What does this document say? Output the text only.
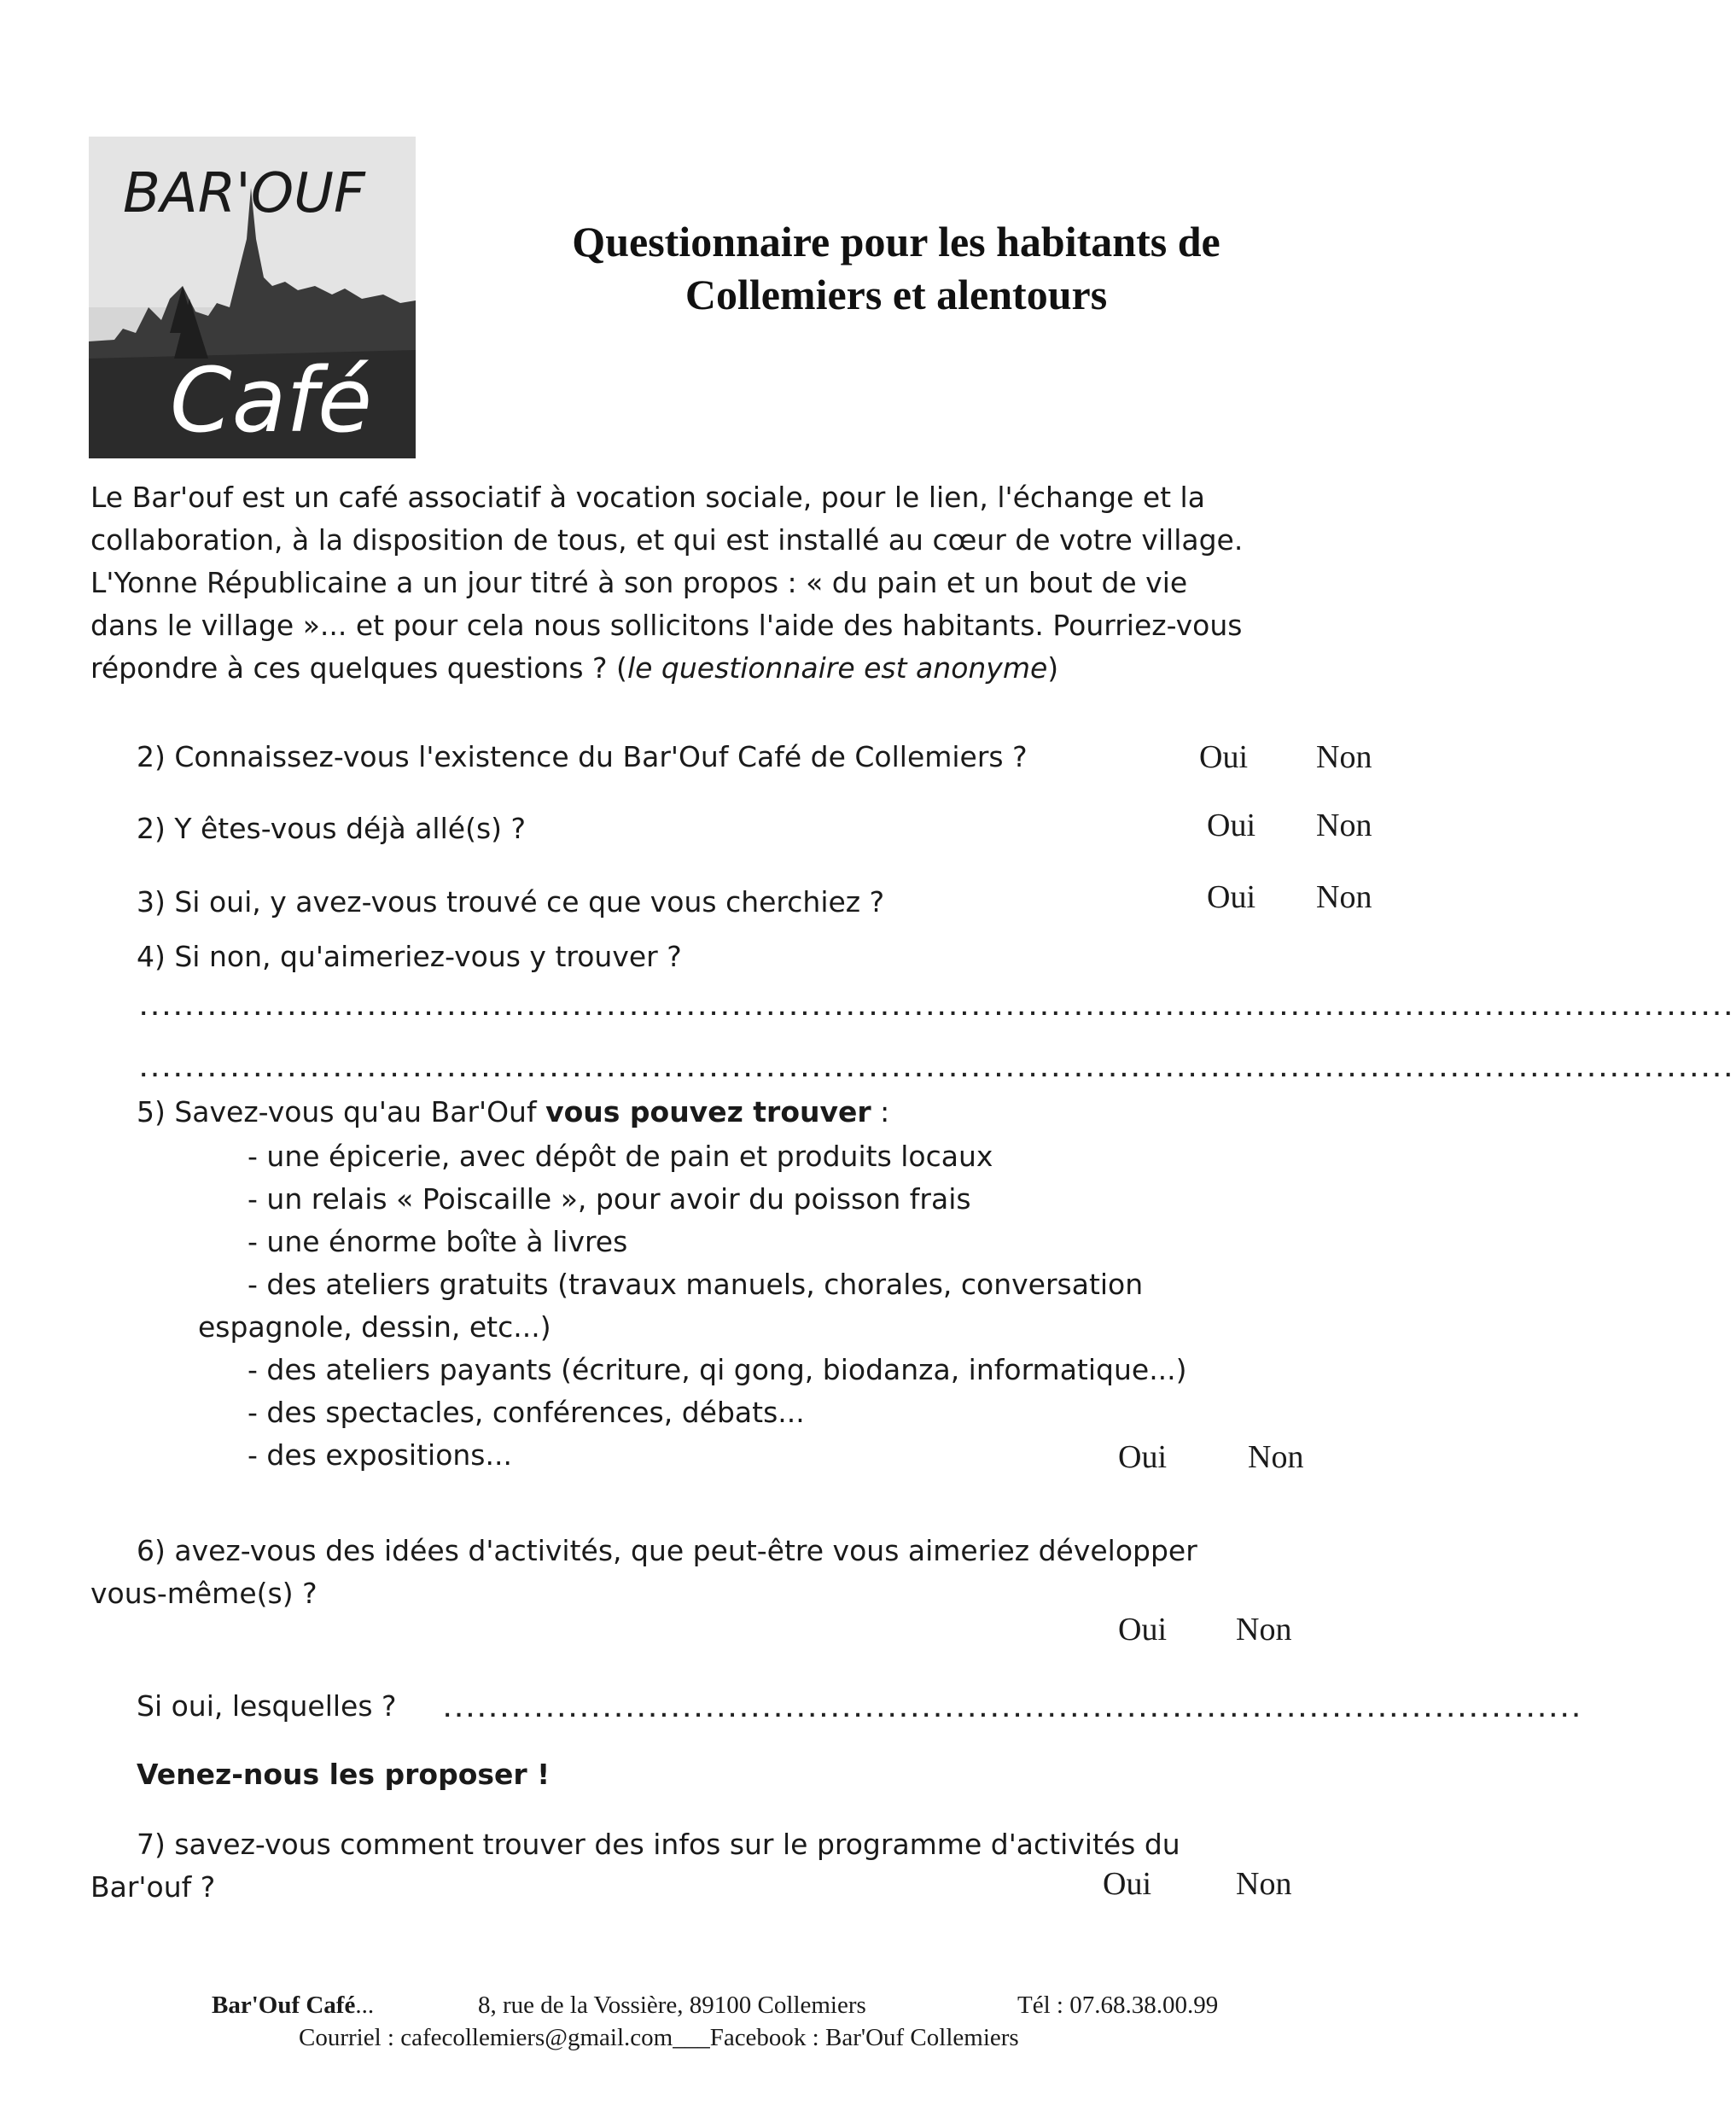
BAR'OUF
Café
Questionnaire pour les habitants de
Collemiers et alentours
Le Bar'ouf est un café associatif à vocation sociale, pour le lien, l'échange et la
collaboration, à la disposition de tous, et qui est installé au cœur de votre village.
L'Yonne Républicaine a un jour titré à son propos : « du pain et un bout de vie
dans le village »... et pour cela nous sollicitons l'aide des habitants. Pourriez-vous
répondre à ces quelques questions ? (le questionnaire est anonyme)
2) Connaissez-vous l'existence du Bar'Ouf Café de Collemiers ?	Oui Non
2) Y êtes-vous déjà allé(s) ?	Oui Non
3) Si oui, y avez-vous trouvé ce que vous cherchiez ?	Oui Non
4) Si non, qu'aimeriez-vous y trouver ?
............................................................................................................................................
............................................................................................................................................
5) Savez-vous qu'au Bar'Ouf vous pouvez trouver :
- une épicerie, avec dépôt de pain et produits locaux
- un relais « Poiscaille », pour avoir du poisson frais
- une énorme boîte à livres
- des ateliers gratuits (travaux manuels, chorales, conversation
espagnole, dessin, etc...)
- des ateliers payants (écriture, qi gong, biodanza, informatique...)
- des spectacles, conférences, débats...
- des expositions...	Oui	Non
6) avez-vous des idées d'activités, que peut-être vous aimeriez développer
vous-même(s) ?
Oui Non
Si oui, lesquelles ?	....................................................................................................
Venez-nous les proposer !
7) savez-vous comment trouver des infos sur le programme d'activités du
Bar'ouf ?	Oui	Non
Bar'Ouf Café...	8, rue de la Vossière, 89100 Collemiers	Tél : 07.68.38.00.99
Courriel : cafecollemiers@gmail.com___Facebook : Bar'Ouf Collemiers
